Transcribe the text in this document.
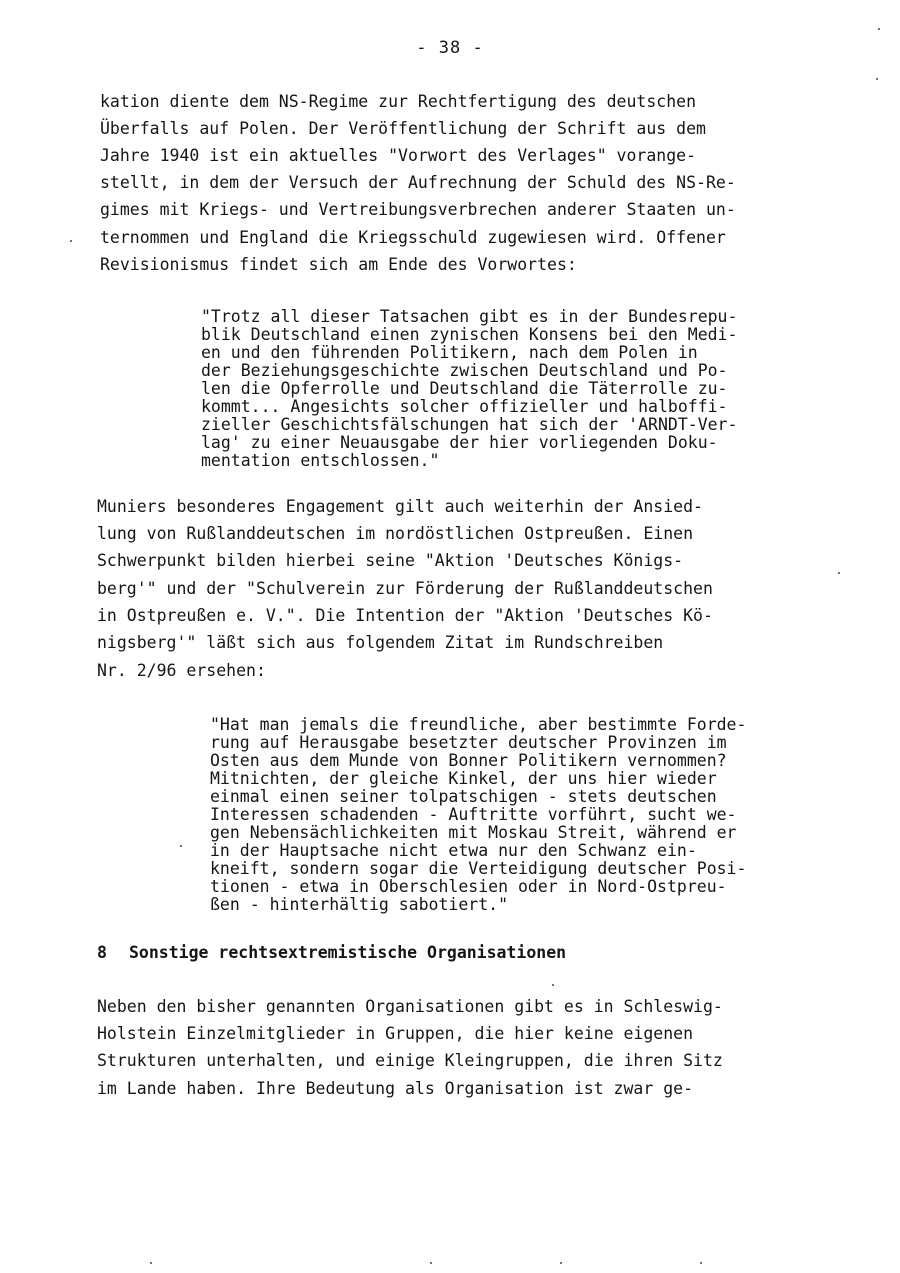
- 38 -
kation diente dem NS-Regime zur Rechtfertigung des deutschen
Überfalls auf Polen. Der Veröffentlichung der Schrift aus dem
Jahre 1940 ist ein aktuelles "Vorwort des Verlages" vorange-
stellt, in dem der Versuch der Aufrechnung der Schuld des NS-Re-
gimes mit Kriegs- und Vertreibungsverbrechen anderer Staaten un-
ternommen und England die Kriegsschuld zugewiesen wird. Offener
Revisionismus findet sich am Ende des Vorwortes:
"Trotz all dieser Tatsachen gibt es in der Bundesrepu-
blik Deutschland einen zynischen Konsens bei den Medi-
en und den führenden Politikern, nach dem Polen in
der Beziehungsgeschichte zwischen Deutschland und Po-
len die Opferrolle und Deutschland die Täterrolle zu-
kommt... Angesichts solcher offizieller und halboffi-
zieller Geschichtsfälschungen hat sich der 'ARNDT-Ver-
lag' zu einer Neuausgabe der hier vorliegenden Doku-
mentation entschlossen."
Muniers besonderes Engagement gilt auch weiterhin der Ansied-
lung von Rußlanddeutschen im nordöstlichen Ostpreußen. Einen
Schwerpunkt bilden hierbei seine "Aktion 'Deutsches Königs-
berg'" und der "Schulverein zur Förderung der Rußlanddeutschen
in Ostpreußen e. V.". Die Intention der "Aktion 'Deutsches Kö-
nigsberg'" läßt sich aus folgendem Zitat im Rundschreiben
Nr. 2/96 ersehen:
"Hat man jemals die freundliche, aber bestimmte Forde-
rung auf Herausgabe besetzter deutscher Provinzen im
Osten aus dem Munde von Bonner Politikern vernommen?
Mitnichten, der gleiche Kinkel, der uns hier wieder
einmal einen seiner tolpatschigen - stets deutschen
Interessen schadenden - Auftritte vorführt, sucht we-
gen Nebensächlichkeiten mit Moskau Streit, während er
in der Hauptsache nicht etwa nur den Schwanz ein-
kneift, sondern sogar die Verteidigung deutscher Posi-
tionen - etwa in Oberschlesien oder in Nord-Ostpreu-
ßen - hinterhältig sabotiert."
8 Sonstige rechtsextremistische Organisationen
Neben den bisher genannten Organisationen gibt es in Schleswig-
Holstein Einzelmitglieder in Gruppen, die hier keine eigenen
Strukturen unterhalten, und einige Kleingruppen, die ihren Sitz
im Lande haben. Ihre Bedeutung als Organisation ist zwar ge-
